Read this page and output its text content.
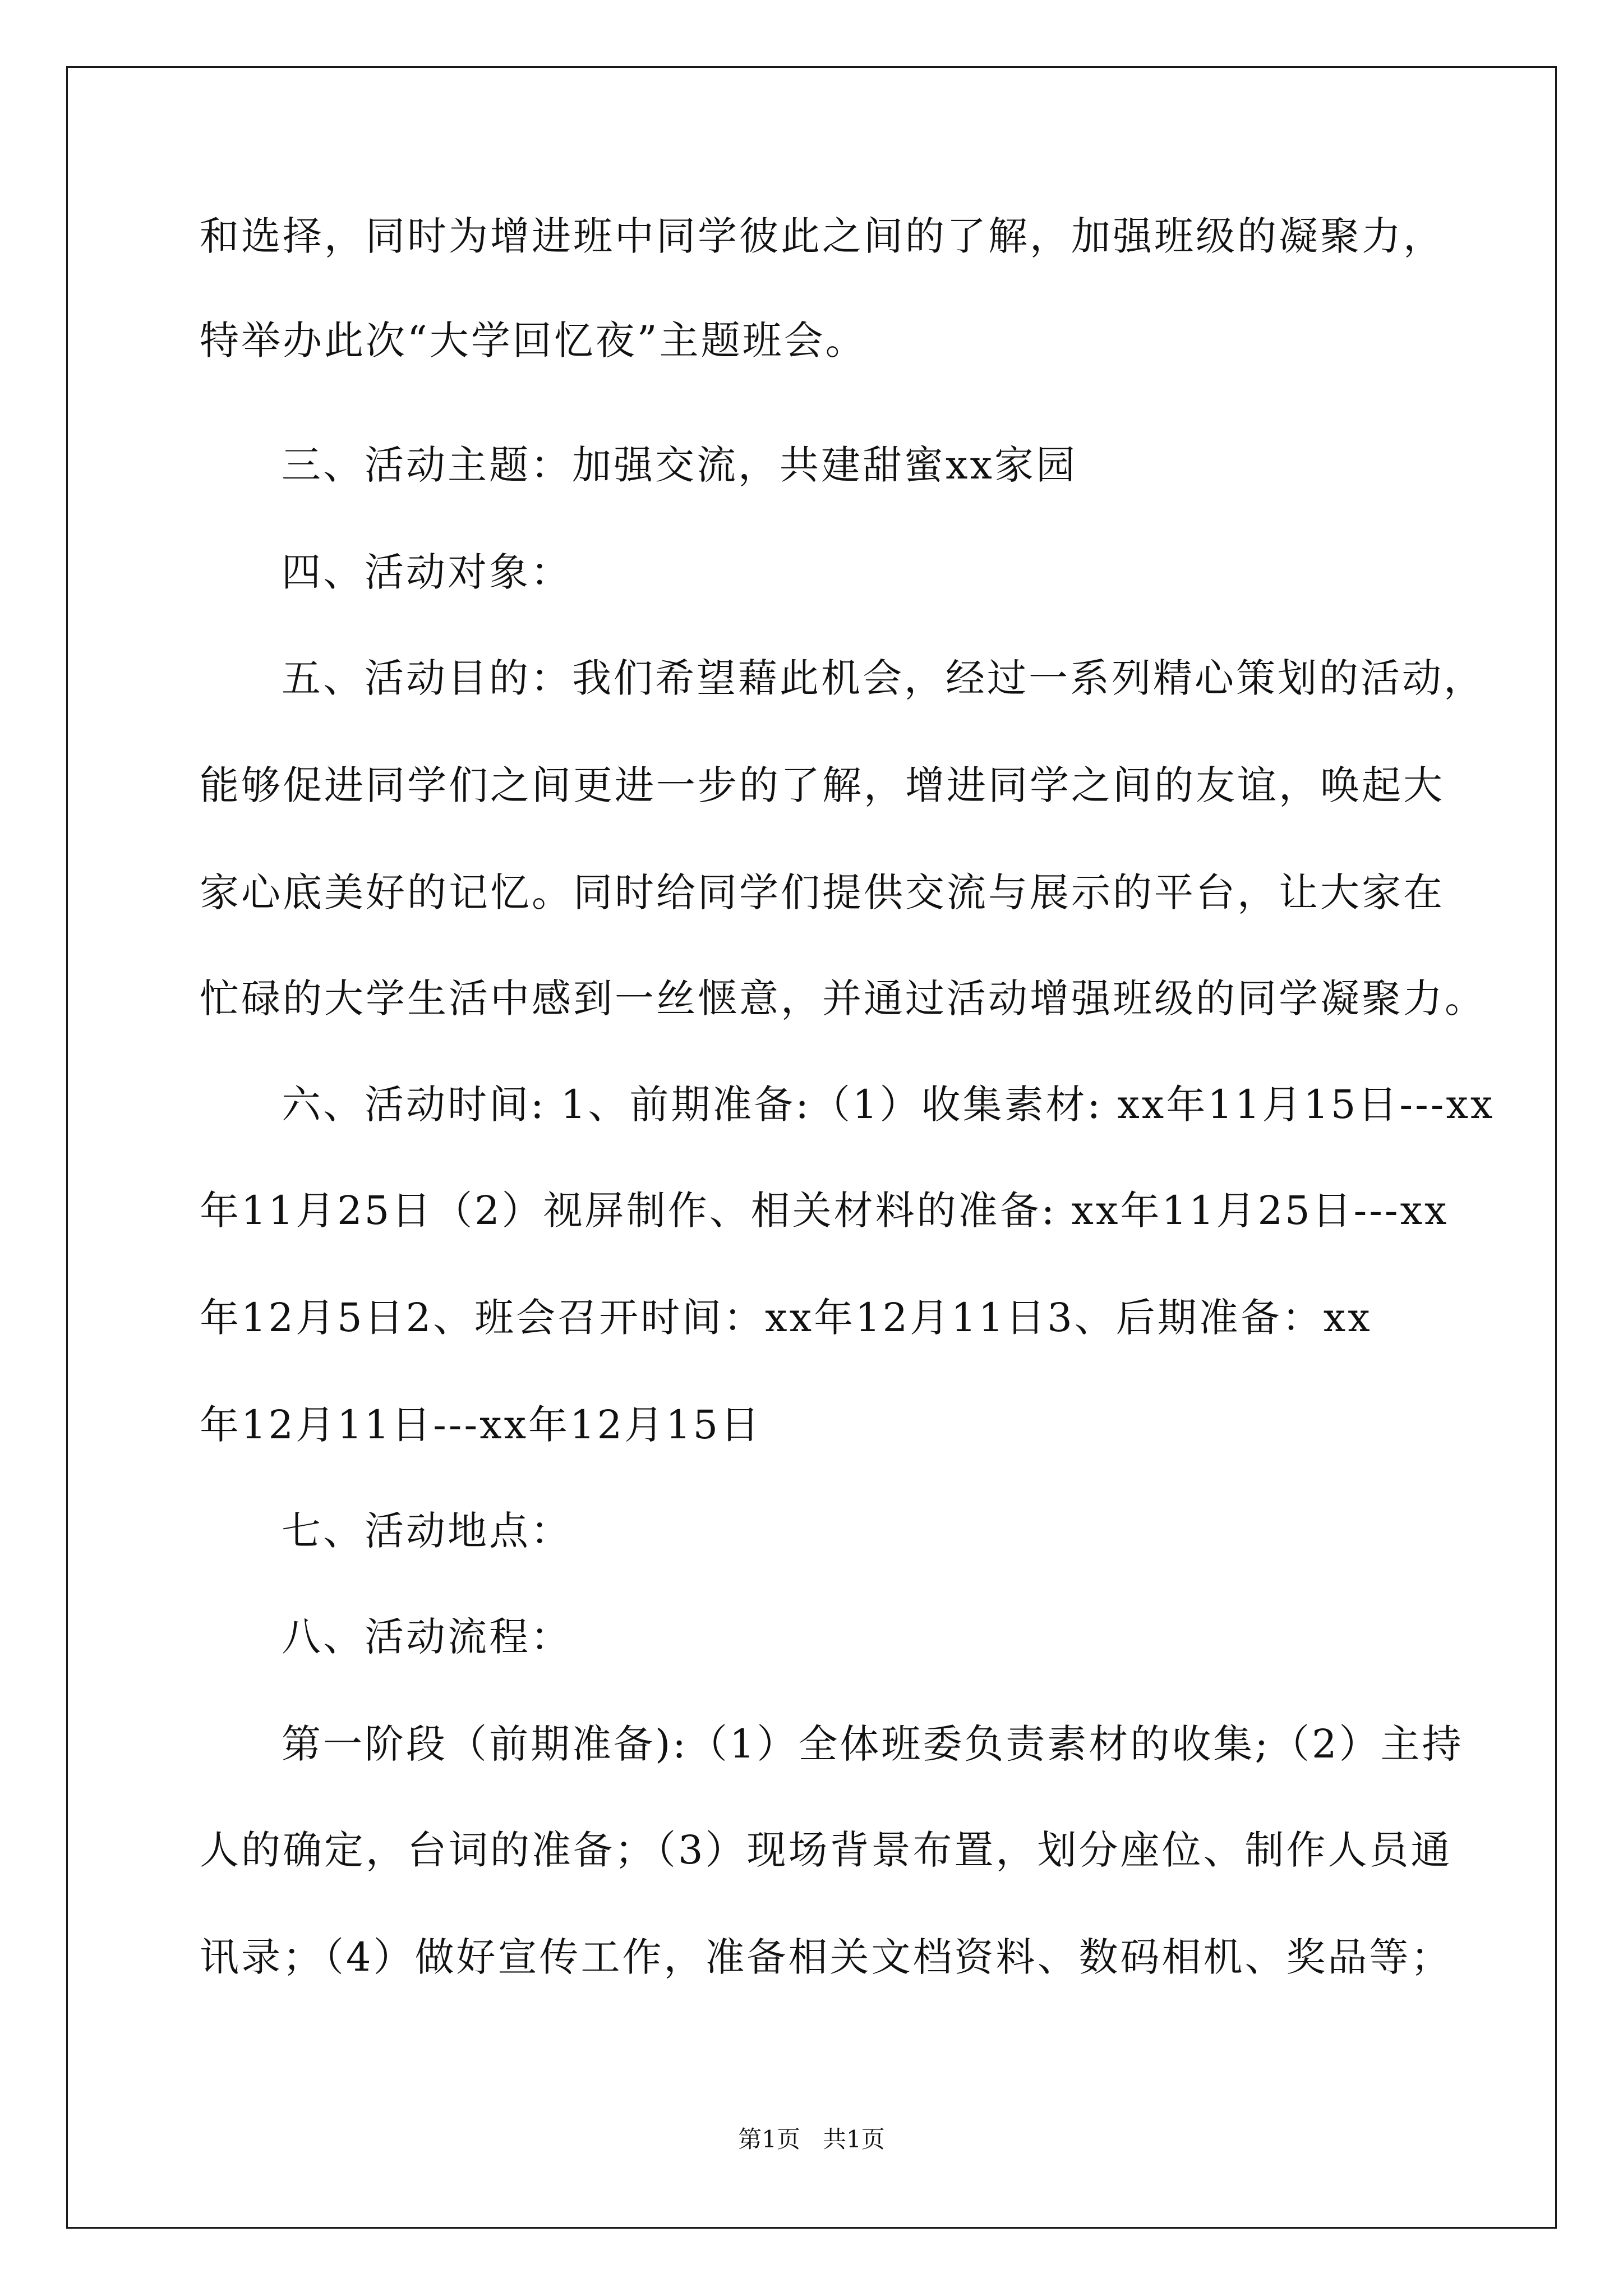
和选择，同时为增进班中同学彼此之间的了解，加强班级的凝聚力，
特举办此次“大学回忆夜”主题班会。
三、活动主题：加强交流，共建甜蜜xx家园
四、活动对象：
五、活动目的：我们希望藉此机会，经过一系列精心策划的活动，
能够促进同学们之间更进一步的了解，增进同学之间的友谊，唤起大
家心底美好的记忆。同时给同学们提供交流与展示的平台，让大家在
忙碌的大学生活中感到一丝惬意，并通过活动增强班级的同学凝聚力。
六、活动时间: 1、前期准备:（1）收集素材: xx年11月15日---xx
年11月25日（2）视屏制作、相关材料的准备: xx年11月25日---xx
年12月5日2、班会召开时间：xx年12月11日3、后期准备：xx
年12月11日---xx年12月15日
七、活动地点：
八、活动流程：
第一阶段（前期准备):（1）全体班委负责素材的收集;（2）主持
人的确定，台词的准备；（3）现场背景布置，划分座位、制作人员通
讯录；（4）做好宣传工作，准备相关文档资料、数码相机、奖品等；
第1页   共1页
